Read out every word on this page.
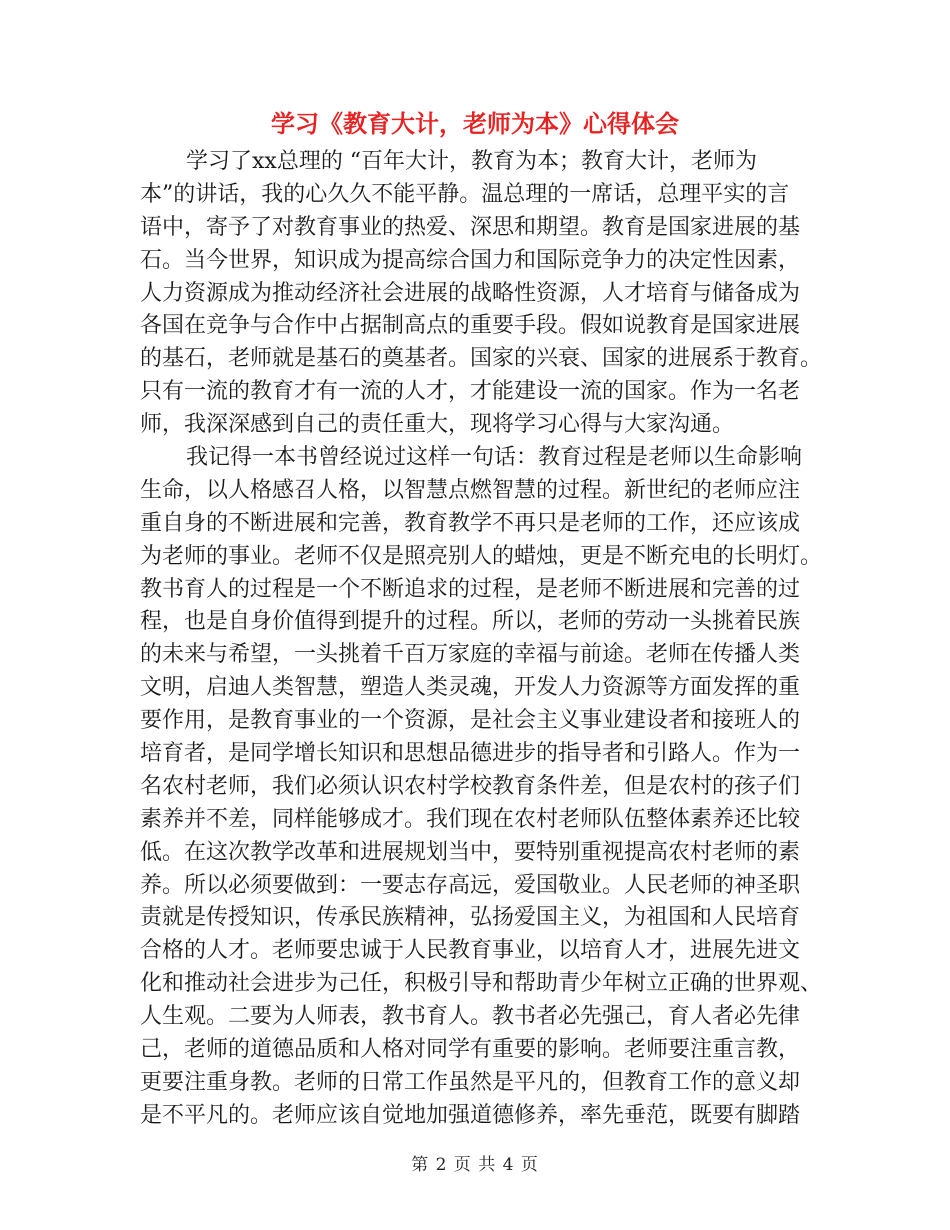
学习《教育大计，老师为本》心得体会

学习了xx总理的 “百年大计，教育为本；教育大计，老师为

本”的讲话，我的心久久不能平静。温总理的一席话，总理平实的言

语中，寄予了对教育事业的热爱、深思和期望。教育是国家进展的基

石。当今世界，知识成为提高综合国力和国际竞争力的决定性因素，

人力资源成为推动经济社会进展的战略性资源，人才培育与储备成为

各国在竞争与合作中占据制高点的重要手段。假如说教育是国家进展

的基石，老师就是基石的奠基者。国家的兴衰、国家的进展系于教育。

只有一流的教育才有一流的人才，才能建设一流的国家。作为一名老

师，我深深感到自己的责任重大，现将学习心得与大家沟通。

我记得一本书曾经说过这样一句话：教育过程是老师以生命影响

生命，以人格感召人格，以智慧点燃智慧的过程。新世纪的老师应注

重自身的不断进展和完善，教育教学不再只是老师的工作，还应该成

为老师的事业。老师不仅是照亮别人的蜡烛，更是不断充电的长明灯。

教书育人的过程是一个不断追求的过程，是老师不断进展和完善的过

程，也是自身价值得到提升的过程。所以，老师的劳动一头挑着民族

的未来与希望，一头挑着千百万家庭的幸福与前途。老师在传播人类

文明，启迪人类智慧，塑造人类灵魂，开发人力资源等方面发挥的重

要作用，是教育事业的一个资源，是社会主义事业建设者和接班人的

培育者，是同学增长知识和思想品德进步的指导者和引路人。作为一

名农村老师，我们必须认识农村学校教育条件差，但是农村的孩子们

素养并不差，同样能够成才。我们现在农村老师队伍整体素养还比较

低。在这次教学改革和进展规划当中，要特别重视提高农村老师的素

养。所以必须要做到：一要志存高远，爱国敬业。人民老师的神圣职

责就是传授知识，传承民族精神，弘扬爱国主义，为祖国和人民培育

合格的人才。老师要忠诚于人民教育事业，以培育人才，进展先进文

化和推动社会进步为己任，积极引导和帮助青少年树立正确的世界观、

人生观。二要为人师表，教书育人。教书者必先强己，育人者必先律

己，老师的道德品质和人格对同学有重要的影响。老师要注重言教，

更要注重身教。老师的日常工作虽然是平凡的，但教育工作的意义却

是不平凡的。老师应该自觉地加强道德修养，率先垂范，既要有脚踏

第 2 页 共 4 页
